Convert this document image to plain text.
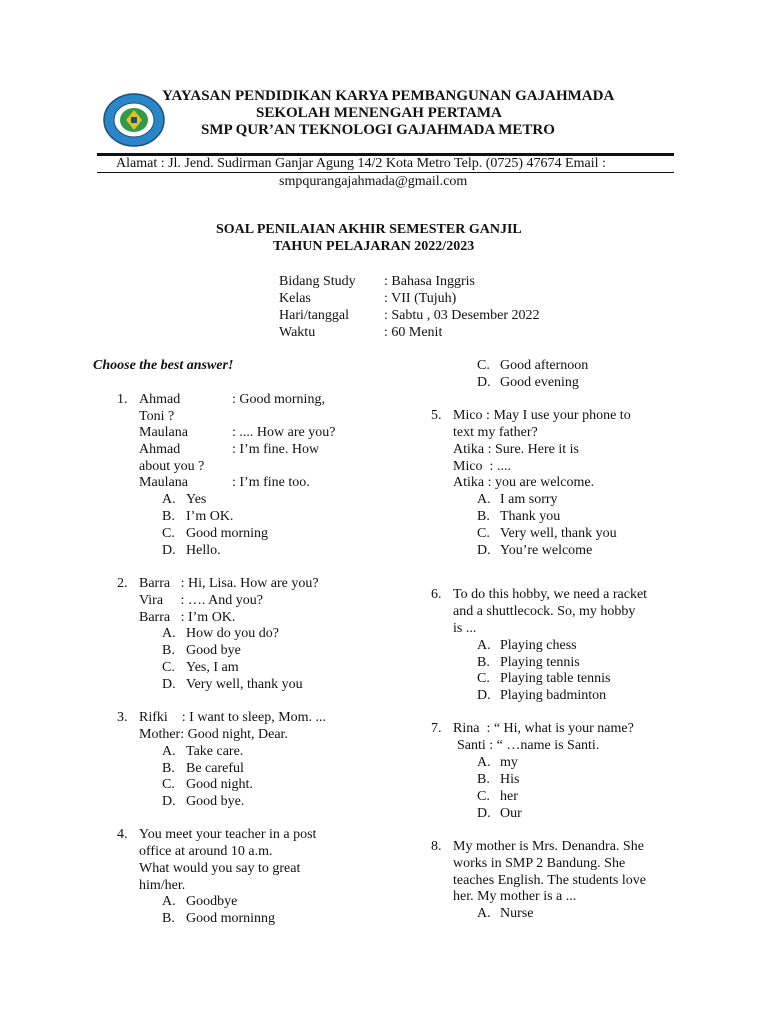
YAYASAN PENDIDIKAN KARYA PEMBANGUNAN GAJAHMADA
SEKOLAH MENENGAH PERTAMA
SMP QUR’AN TEKNOLOGI GAJAHMADA METRO
Alamat : Jl. Jend. Sudirman Ganjar Agung 14/2 Kota Metro Telp. (0725) 47674 Email :
smpqurangajahmada@gmail.com
SOAL PENILAIAN AKHIR SEMESTER GANJIL
TAHUN PELAJARAN 2022/2023
Bidang Study : Bahasa Inggris
Kelas	: VII (Tujuh)
Hari/tanggal	: Sabtu , 03 Desember 2022
Waktu	: 60 Menit
Choose the best answer!
1. Ahmad	: Good morning,
Toni ?
Maulana	: .... How are you?
Ahmad	: I’m fine. How
about you ?
Maulana	: I’m fine too.
A. Yes
B. I’m OK.
C. Good morning
D. Hello.
2. Barra   : Hi, Lisa. How are you?
Vira     : …. And you?
Barra   : I’m OK.
A. How do you do?
B. Good bye
C. Yes, I am
D. Very well, thank you
3. Rifki    : I want to sleep, Mom. ...
Mother: Good night, Dear.
A. Take care.
B. Be careful
C. Good night.
D. Good bye.
4. You meet your teacher in a post
office at around 10 a.m.
What would you say to great
him/her.
A. Goodbye
B. Good morninng
C. Good afternoon
D. Good evening
5. Mico : May I use your phone to
text my father?
Atika : Sure. Here it is
Mico  : ....
Atika : you are welcome.
A. I am sorry
B. Thank you
C. Very well, thank you
D. You’re welcome
6. To do this hobby, we need a racket
and a shuttlecock. So, my hobby
is ...
A. Playing chess
B. Playing tennis
C. Playing table tennis
D. Playing badminton
7. Rina  : “ Hi, what is your name?
Santi : “ …name is Santi.
A. my
B. His
C. her
D. Our
8. My mother is Mrs. Denandra. She
works in SMP 2 Bandung. She
teaches English. The students love
her. My mother is a ...
A. Nurse
